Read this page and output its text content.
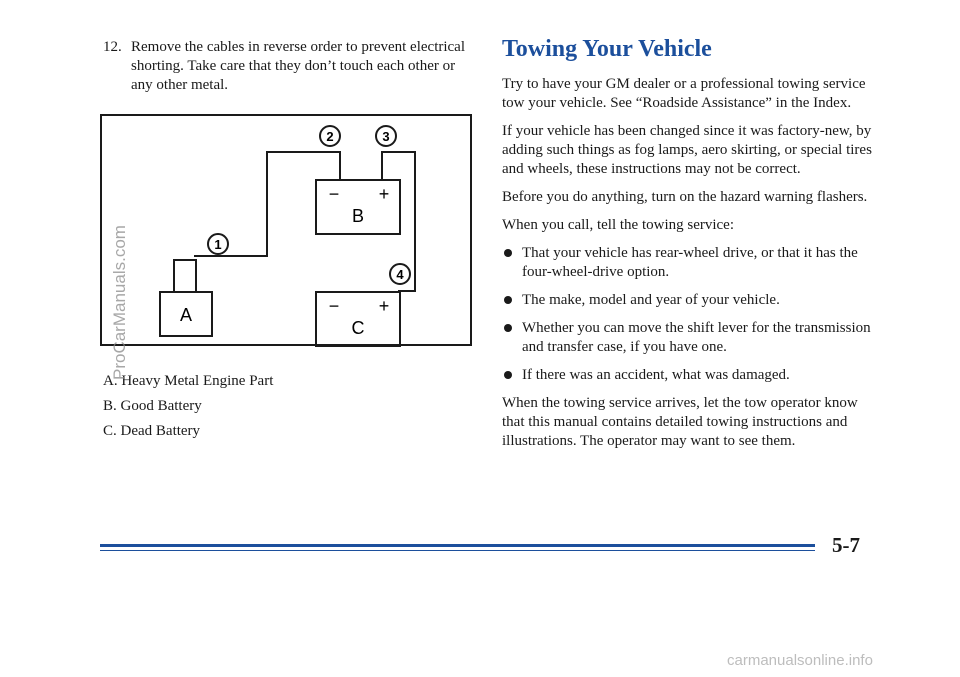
12. Remove the cables in reverse order to prevent electrical shorting. Take care that they don’t touch each other or any other metal.
A
− +
B
− +
C
1
2	3
4
A. Heavy Metal Engine Part
B. Good Battery
C. Dead Battery
Towing Your Vehicle

Try to have your GM dealer or a professional towing service tow your vehicle. See “Roadside Assistance” in the Index.

If your vehicle has been changed since it was factory-new, by adding such things as fog lamps, aero skirting, or special tires and wheels, these instructions may not be correct.

Before you do anything, turn on the hazard warning flashers.

When you call, tell the towing service:

That your vehicle has rear-wheel drive, or that it has the four-wheel-drive option.
The make, model and year of your vehicle.
Whether you can move the shift lever for the transmission and transfer case, if you have one.
If there was an accident, what was damaged.

When the towing service arrives, let the tow operator know that this manual contains detailed towing instructions and illustrations. The operator may want to see them.

ProCarManuals.com
5-7
carmanualsonline.info
